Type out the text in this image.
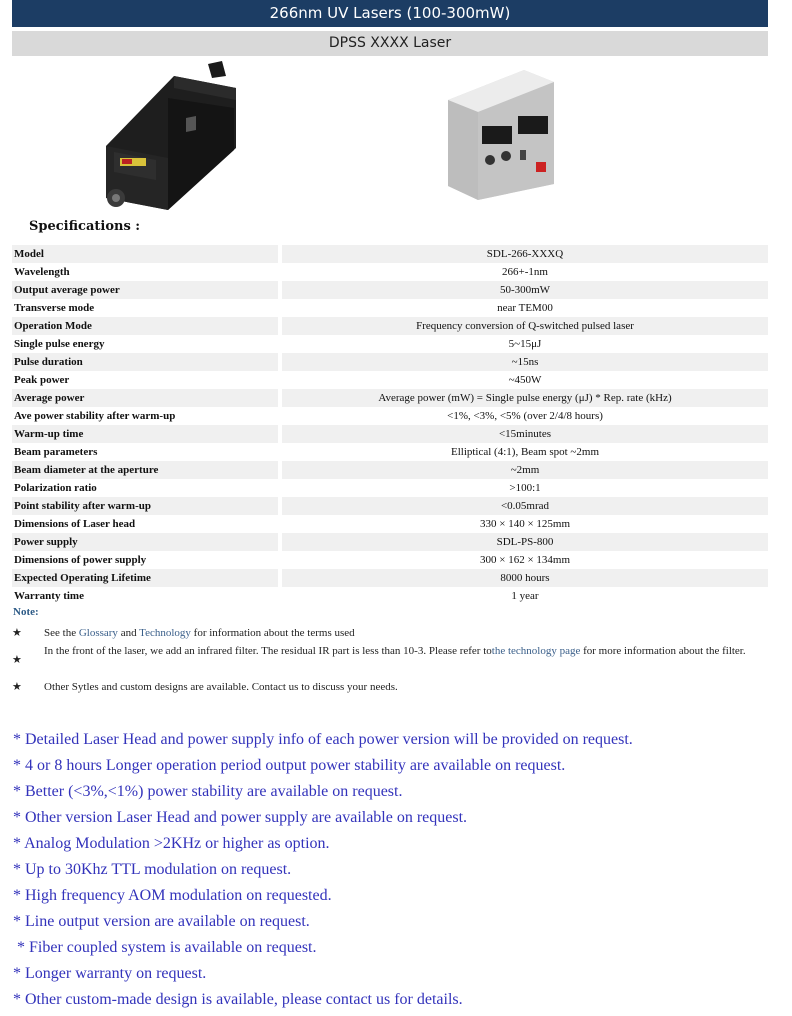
266nm UV Lasers (100-300mW)
DPSS XXXX Laser
Specifications :
Model		SDL-266-XXXQ
Wavelength		266+-1nm
Output average power		50-300mW
Transverse mode		near TEM00
Operation Mode		Frequency conversion of Q-switched pulsed laser
Single pulse energy		5~15μJ
Pulse duration		~15ns
Peak power		~450W
Average power		Average power (mW) = Single pulse energy (μJ) * Rep. rate (kHz)
Ave power stability after warm-up		<1%, <3%, <5% (over 2/4/8 hours)
Warm-up time		<15minutes
Beam parameters		Elliptical (4:1), Beam spot ~2mm
Beam diameter at the aperture		~2mm
Polarization ratio		>100:1
Point stability after warm-up		<0.05mrad
Dimensions of Laser head		330 × 140 × 125mm
Power supply		SDL-PS-800
Dimensions of power supply		300 × 162 × 134mm
Expected Operating Lifetime		8000 hours
Warranty time		1 year
Note:
★ See the Glossary and Technology for information about the terms used
★
In the front of the laser, we add an infrared filter. The residual IR part is less than 10-3. Please refer tothe technology page for more information about the filter.
★ Other Sytles and custom designs are available. Contact us to discuss your needs.
* Detailed Laser Head and power supply info of each power version will be provided on request.
* 4 or 8 hours Longer operation period output power stability are available on request.
* Better (<3%,<1%) power stability are available on request.
* Other version Laser Head and power supply are available on request.
* Analog Modulation >2KHz or higher as option.
* Up to 30Khz TTL modulation on request.
* High frequency AOM modulation on requested.
* Line output version are available on request.
* Fiber coupled system is available on request.
* Longer warranty on request.
* Other custom-made design is available, please contact us for details.
